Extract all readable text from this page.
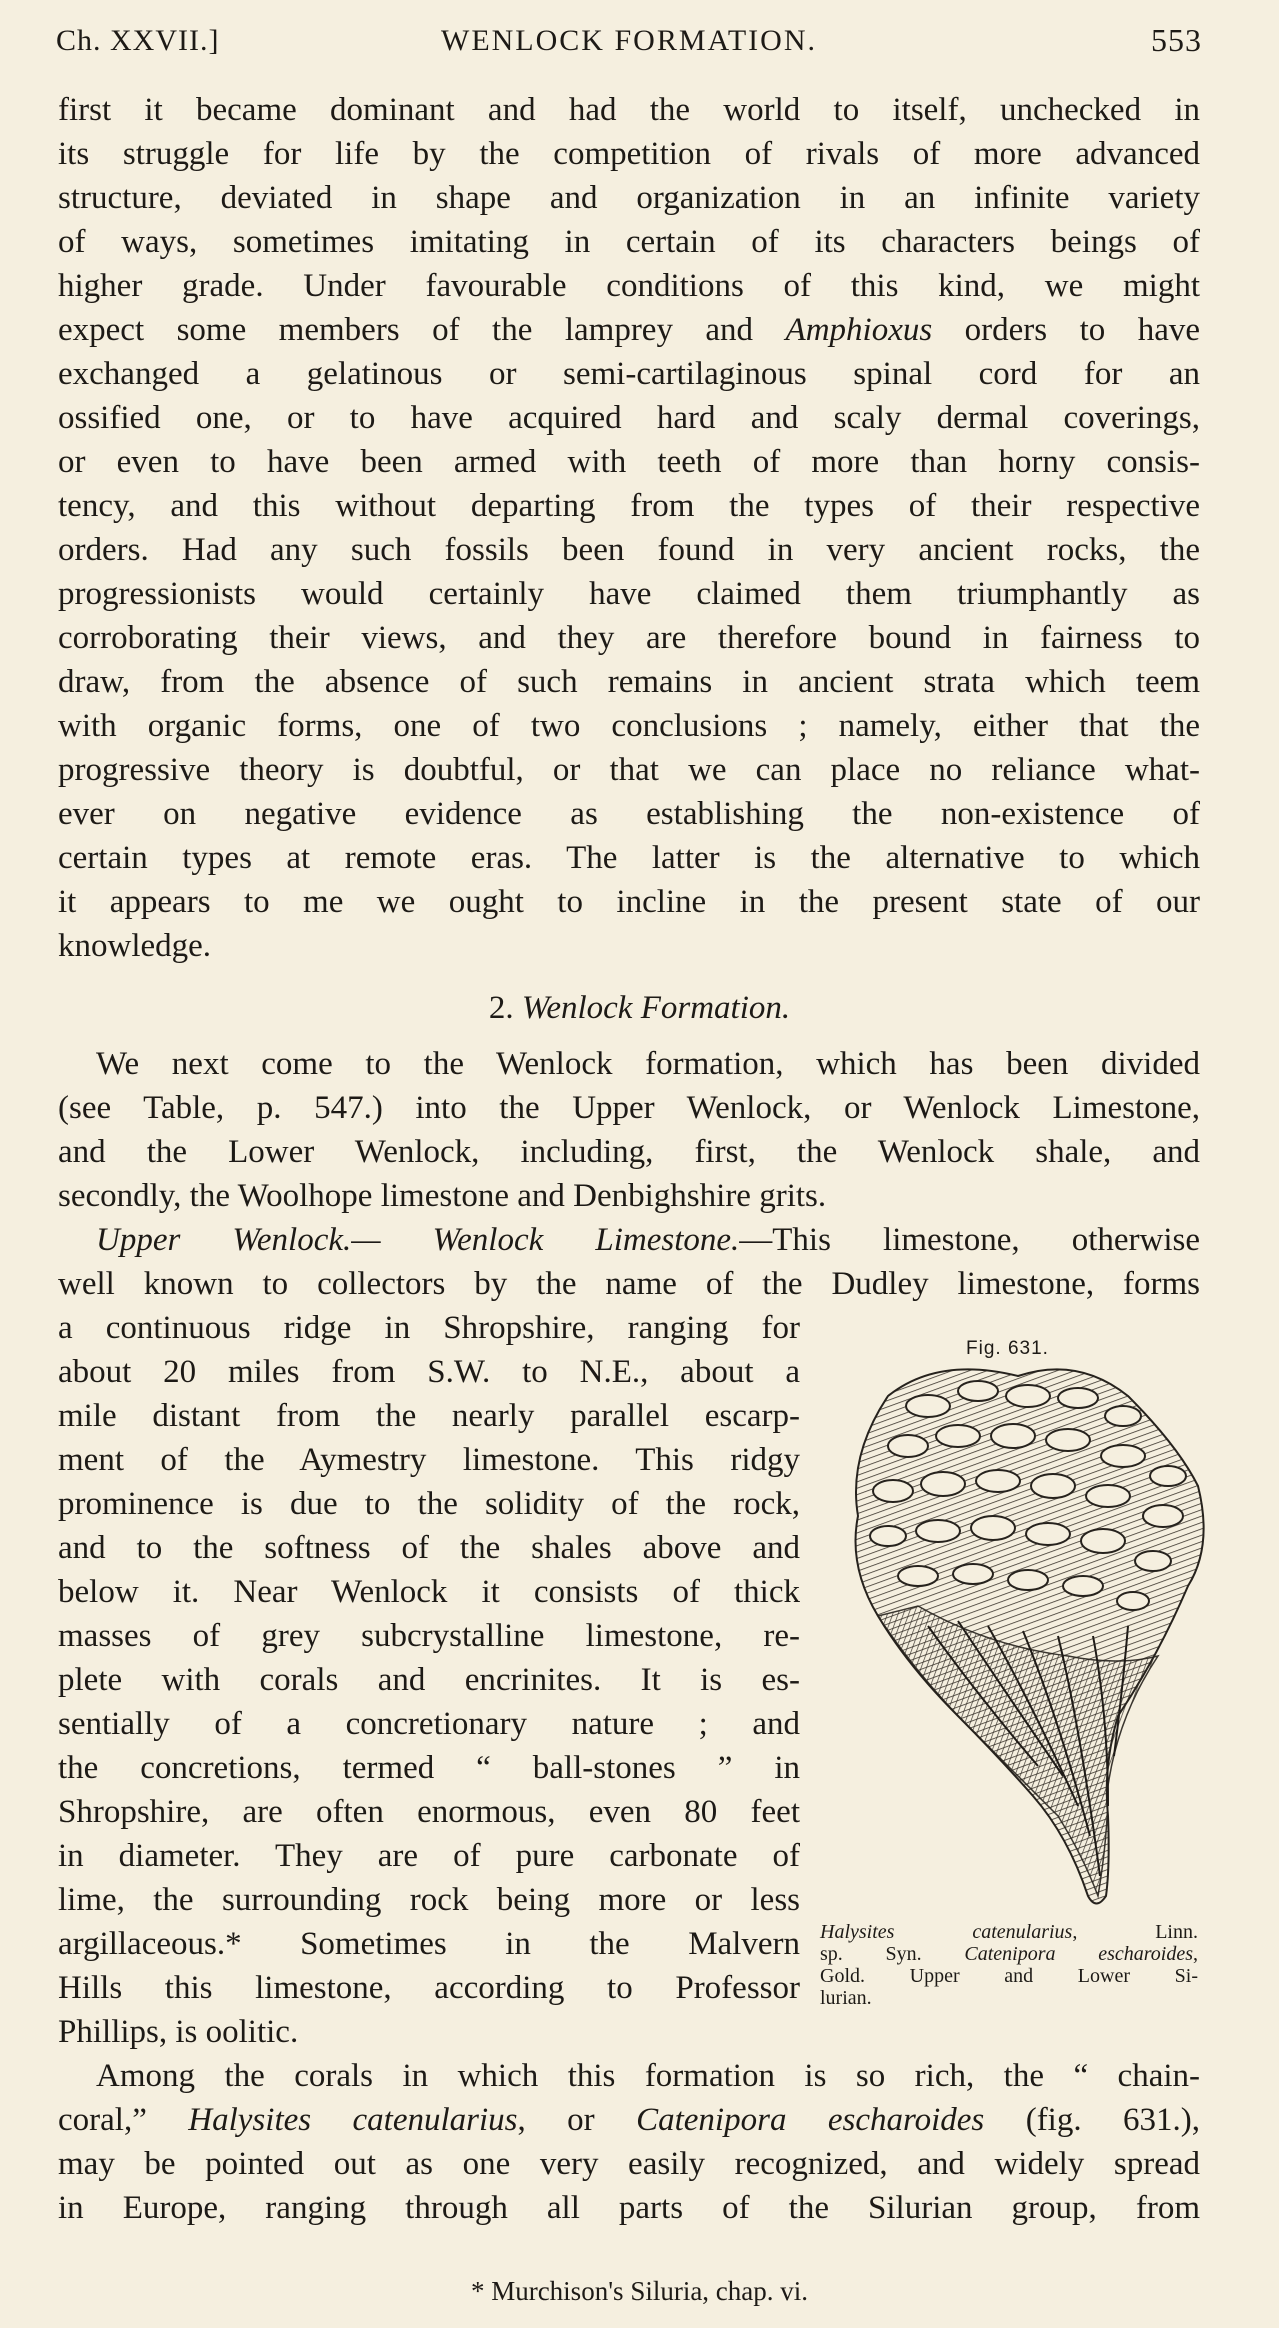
Ch. XXVII.]	WENLOCK FORMATION.	553
first it became dominant and had the world to itself, unchecked in
its struggle for life by the competition of rivals of more advanced
structure, deviated in shape and organization in an infinite variety
of ways, sometimes imitating in certain of its characters beings of
higher grade. Under favourable conditions of this kind, we might
expect some members of the lamprey and Amphioxus orders to have
exchanged a gelatinous or semi-cartilaginous spinal cord for an
ossified one, or to have acquired hard and scaly dermal coverings,
or even to have been armed with teeth of more than horny consis-
tency, and this without departing from the types of their respective
orders. Had any such fossils been found in very ancient rocks, the
progressionists would certainly have claimed them triumphantly as
corroborating their views, and they are therefore bound in fairness to
draw, from the absence of such remains in ancient strata which teem
with organic forms, one of two conclusions ; namely, either that the
progressive theory is doubtful, or that we can place no reliance what-
ever on negative evidence as establishing the non-existence of
certain types at remote eras. The latter is the alternative to which
it appears to me we ought to incline in the present state of our
knowledge.
2. Wenlock Formation.
We next come to the Wenlock formation, which has been divided
(see Table, p. 547.) into the Upper Wenlock, or Wenlock Limestone,
and the Lower Wenlock, including, first, the Wenlock shale, and
secondly, the Woolhope limestone and Denbighshire grits.
Upper Wenlock.— Wenlock Limestone.—This limestone, otherwise
well known to collectors by the name of the Dudley limestone, forms
a continuous ridge in Shropshire, ranging for
about 20 miles from S.W. to N.E., about a
mile distant from the nearly parallel escarp-
ment of the Aymestry limestone. This ridgy
prominence is due to the solidity of the rock,
and to the softness of the shales above and
below it. Near Wenlock it consists of thick
masses of grey subcrystalline limestone, re-
plete with corals and encrinites. It is es-
sentially of a concretionary nature ; and
the concretions, termed “ ball-stones ” in
Shropshire, are often enormous, even 80 feet
in diameter. They are of pure carbonate of
lime, the surrounding rock being more or less
argillaceous.* Sometimes in the Malvern
Hills this limestone, according to Professor
Phillips, is oolitic.
Fig. 631.
Halysites catenularius, Linn.
sp. Syn. Catenipora escharoides,
Gold. Upper and Lower Si-
lurian.
Among the corals in which this formation is so rich, the “ chain-
coral,” Halysites catenularius, or Catenipora escharoides (fig. 631.),
may be pointed out as one very easily recognized, and widely spread
in Europe, ranging through all parts of the Silurian group, from
* Murchison's Siluria, chap. vi.
